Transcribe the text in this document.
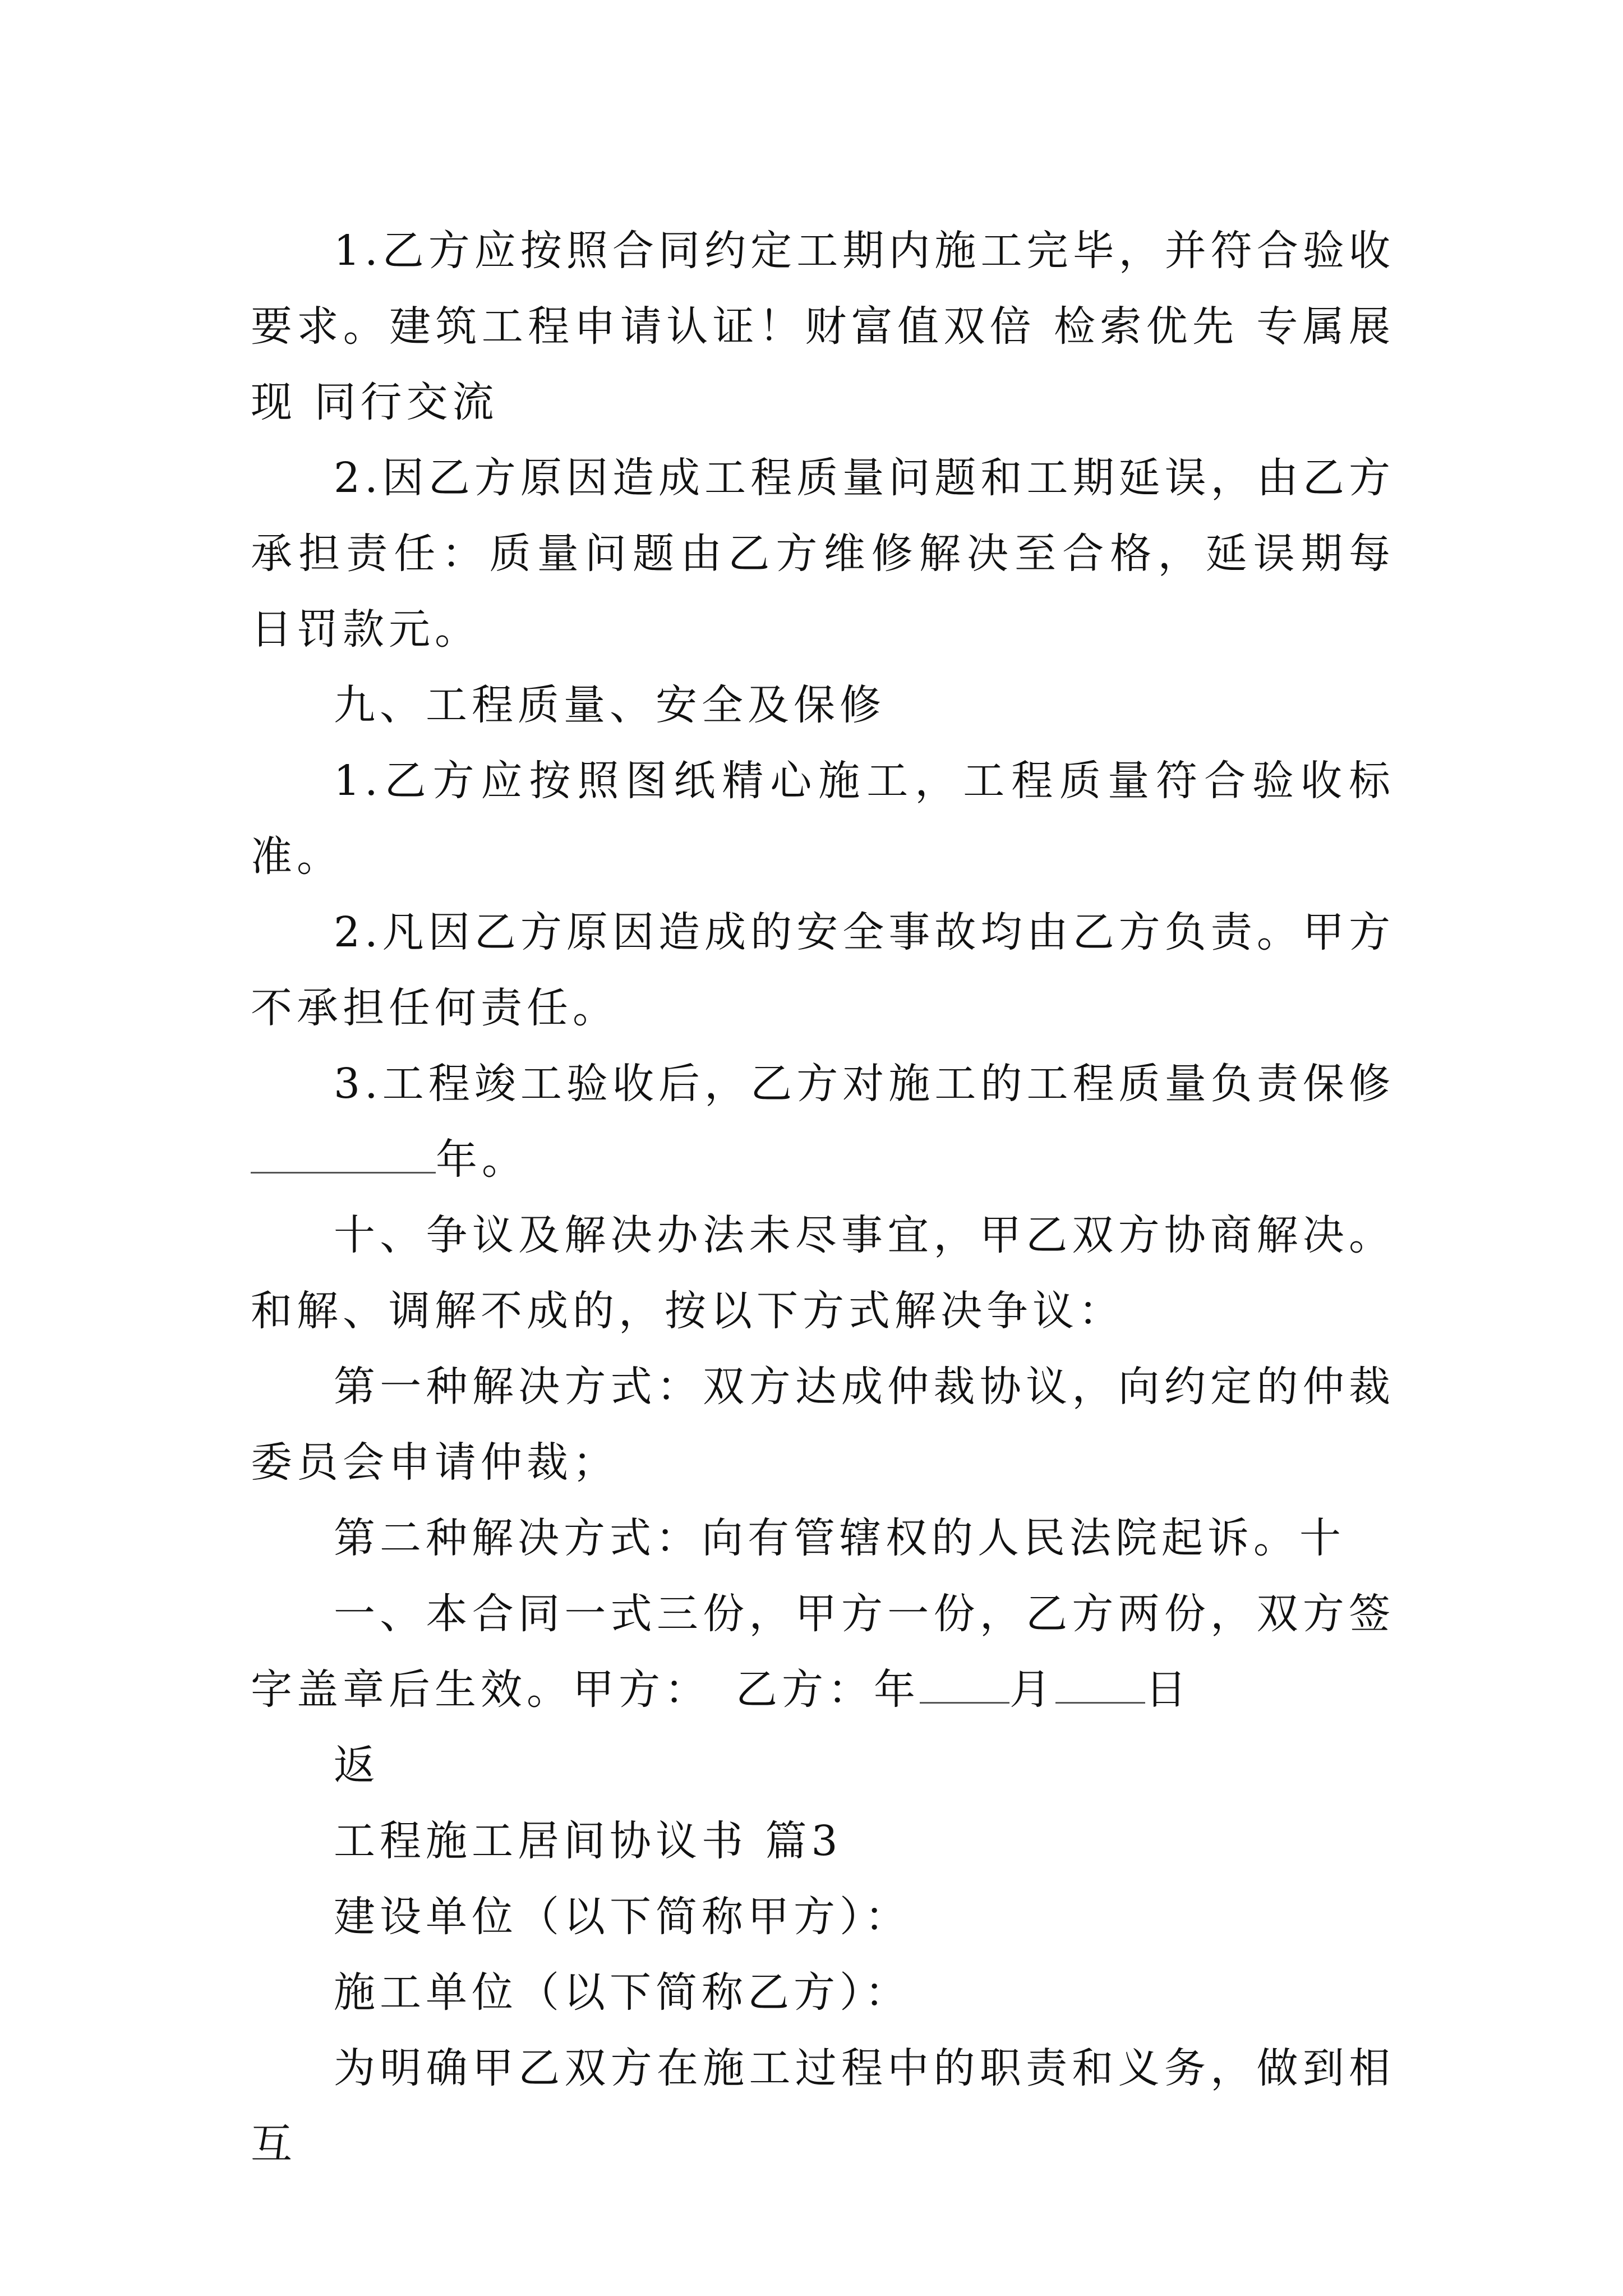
1.乙方应按照合同约定工期内施工完毕，并符合验收要求。建筑工程申请认证！财富值双倍 检索优先 专属展现 同行交流

2.因乙方原因造成工程质量问题和工期延误，由乙方承担责任：质量问题由乙方维修解决至合格，延误期每日罚款元。

九、工程质量、安全及保修

1.乙方应按照图纸精心施工，工程质量符合验收标准。

2.凡因乙方原因造成的安全事故均由乙方负责。甲方不承担任何责任。

3.工程竣工验收后，乙方对施工的工程质量负责保修年。

十、争议及解决办法未尽事宜，甲乙双方协商解决。和解、调解不成的，按以下方式解决争议：

第一种解决方式：双方达成仲裁协议，向约定的仲裁委员会申请仲裁；

第二种解决方式：向有管辖权的人民法院起诉。十

一、本合同一式三份，甲方一份，乙方两份，双方签字盖章后生效。甲方：　乙方：年 月 日

返

工程施工居间协议书 篇3

建设单位（以下简称甲方）：

施工单位（以下简称乙方）：

为明确甲乙双方在施工过程中的职责和义务，做到相互
